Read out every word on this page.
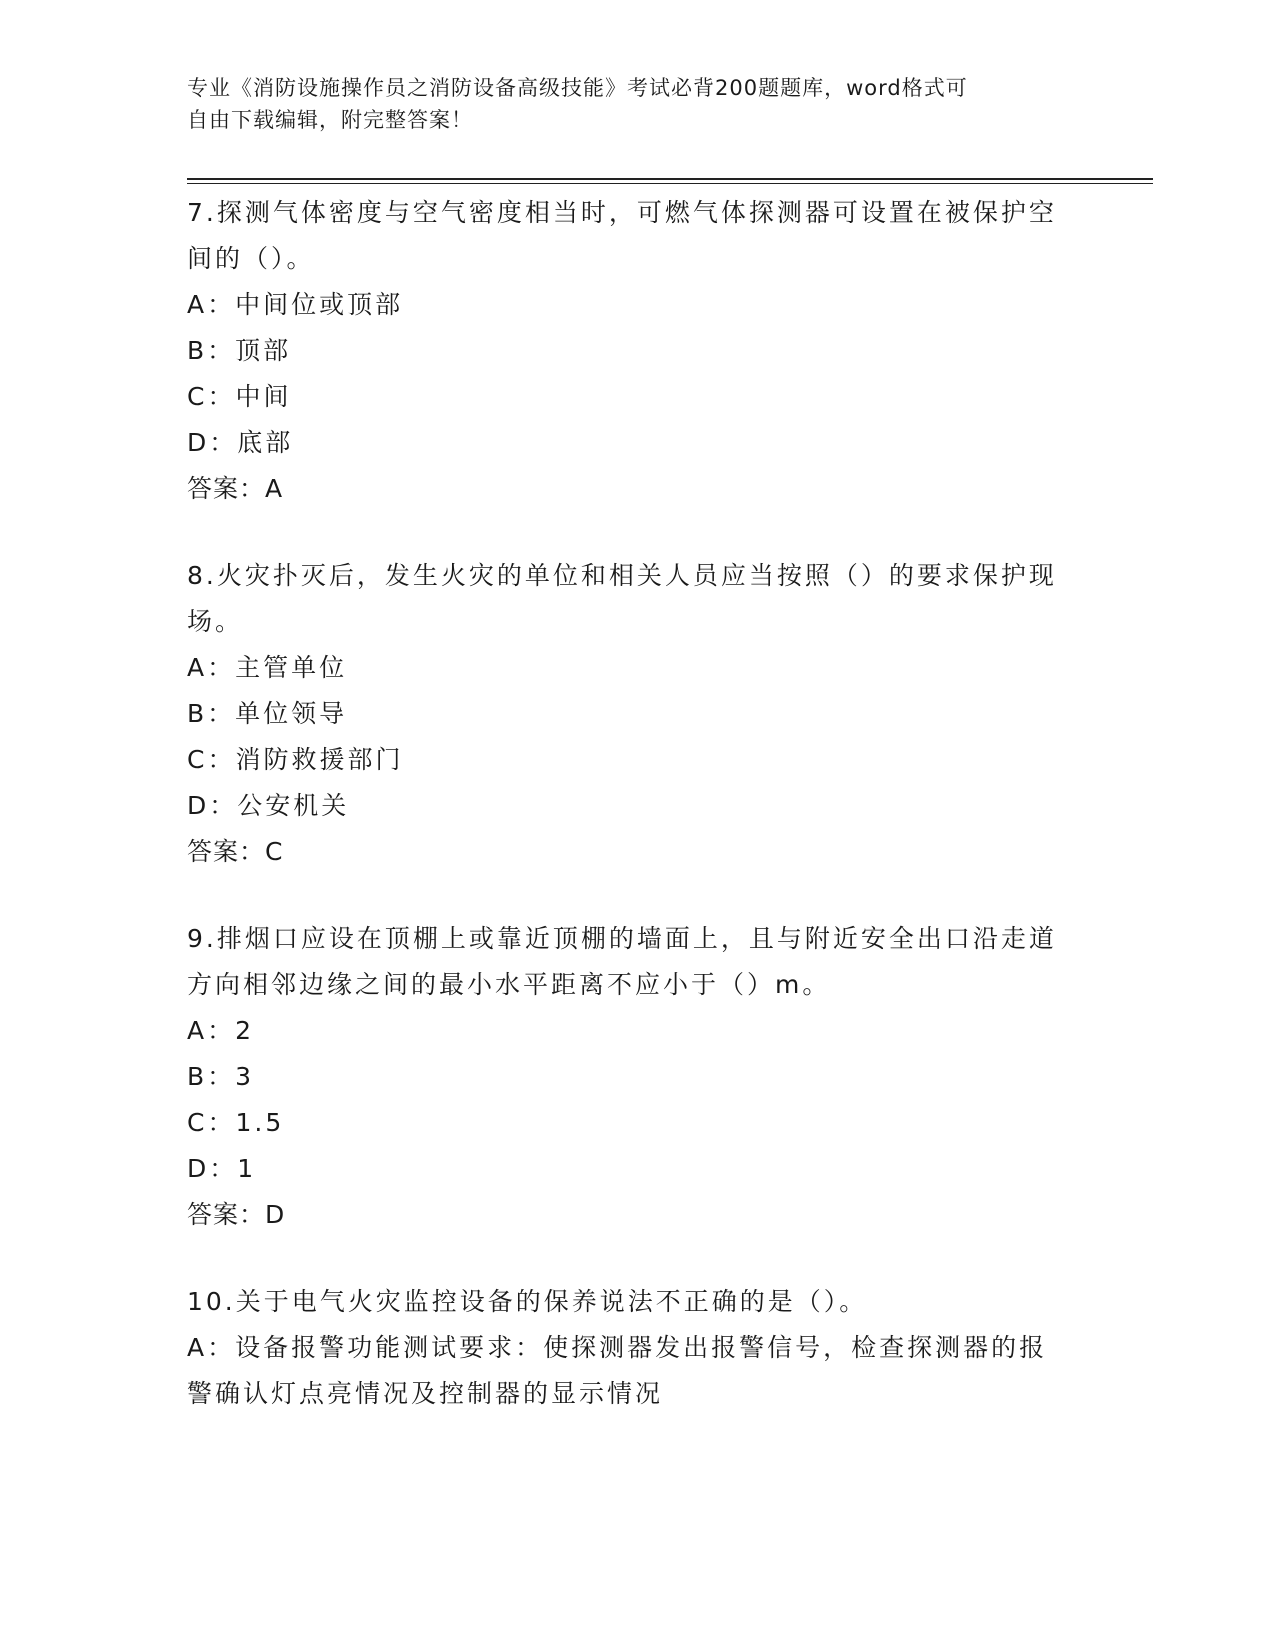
专业《消防设施操作员之消防设备高级技能》考试必背200题题库，word格式可
自由下载编辑，附完整答案！

7.探测气体密度与空气密度相当时，可燃气体探测器可设置在被保护空间的（）。

A：中间位或顶部

B：顶部

C：中间

D：底部

答案：A

8.火灾扑灭后，发生火灾的单位和相关人员应当按照（）的要求保护现场。

A：主管单位

B：单位领导

C：消防救援部门

D：公安机关

答案：C

9.排烟口应设在顶棚上或靠近顶棚的墙面上，且与附近安全出口沿走道方向相邻边缘之间的最小水平距离不应小于（）m。

A：2

B：3

C：1.5

D：1

答案：D

10.关于电气火灾监控设备的保养说法不正确的是（）。

A：设备报警功能测试要求：使探测器发出报警信号，检查探测器的报警确认灯点亮情况及控制器的显示情况
